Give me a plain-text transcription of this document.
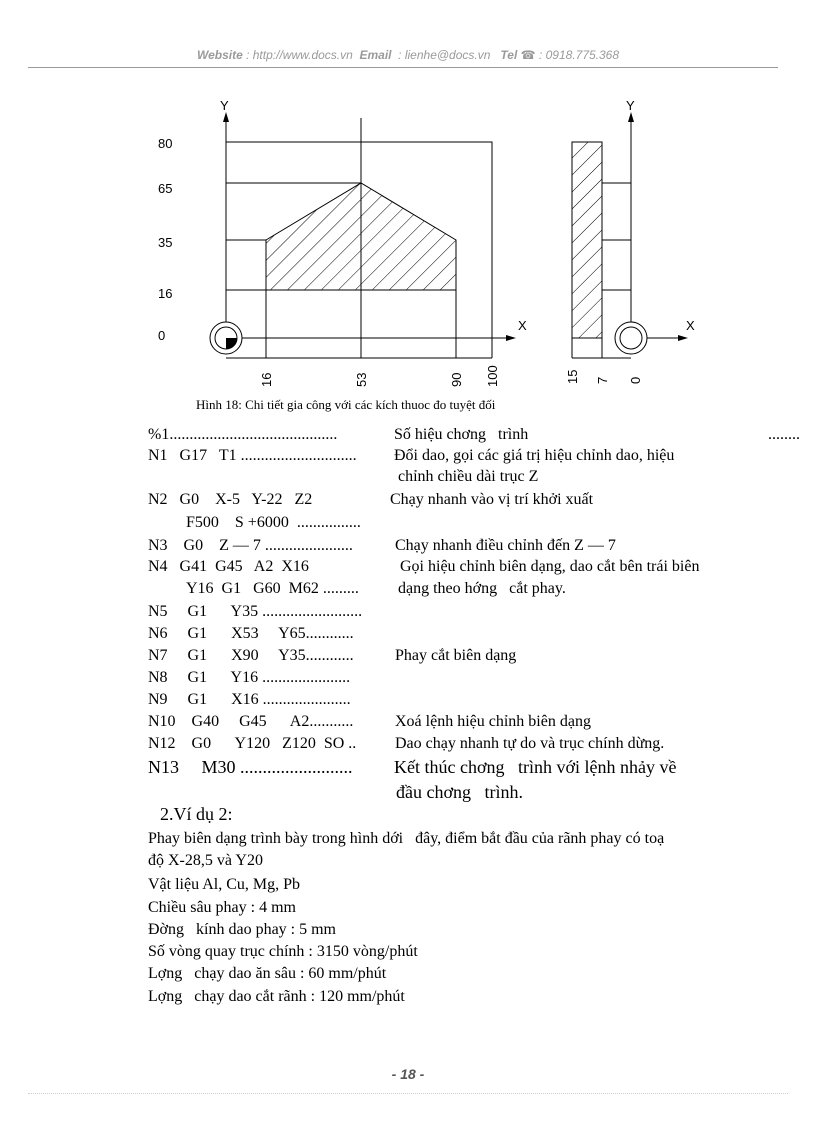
Website : http://www.docs.vn Email : lienhe@docs.vn Tel ☎ : 0918.775.368
Y
X
80
65
35
16
0
16	53	90 100
Y
X
15 7 0
Hình 18: Chi tiết gia công với các kích thuoc đo tuyệt đối
%1..........................................	Số hiệu chơng   trình	........
N1   G17   T1 ............................. Đổi dao, gọi các giá trị hiệu chỉnh dao, hiệu
chỉnh chiều dài trục Z
N2   G0    X-5   Y-22   Z2	Chạy nhanh vào vị trí khởi xuất
F500    S +6000  ................
N3    G0    Z — 7 ......................	Chạy nhanh điều chỉnh đến Z — 7
N4   G41  G45   A2  X16	Gọi hiệu chỉnh biên dạng, dao cắt bên trái biên
Y16  G1   G60  M62 ......... dạng theo hớng   cắt phay.
N5     G1      Y35 .........................
N6     G1      X53     Y65............
N7     G1      X90     Y35............	Phay cắt biên dạng
N8     G1      Y16 ......................
N9     G1      X16 ......................
N10    G40     G45      A2...........	Xoá lệnh hiệu chỉnh biên dạng
N12    G0      Y120   Z120  SO .. Dao chạy nhanh tự do và trục chính dừng.
N13     M30 ......................... Kết thúc chơng   trình với lệnh nhảy về
đầu chơng   trình.
2.Ví dụ 2:
Phay biên dạng trình bày trong hình dới   đây, điểm bắt đầu của rãnh phay có toạ
độ X-28,5 và Y20
Vật liệu Al, Cu, Mg, Pb
Chiều sâu phay : 4 mm
Đờng   kính dao phay : 5 mm
Số vòng quay trục chính : 3150 vòng/phút
Lợng   chạy dao ăn sâu : 60 mm/phút
Lợng   chạy dao cắt rãnh : 120 mm/phút
- 18 -
